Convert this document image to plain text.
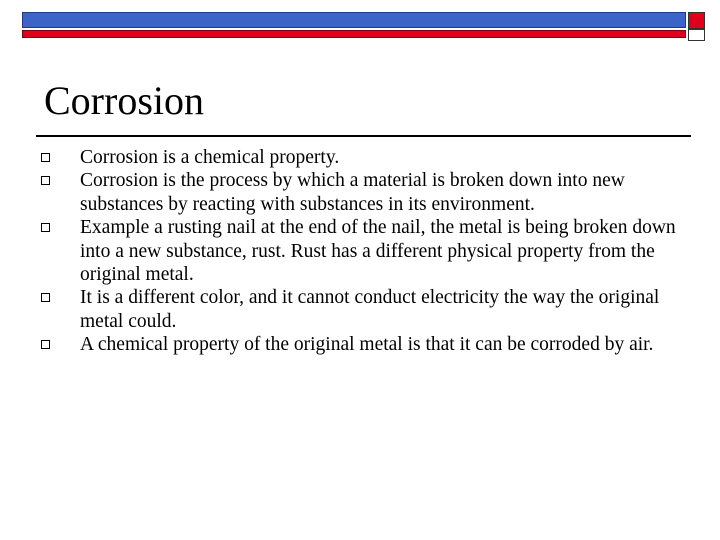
Corrosion
Corrosion is a chemical property.
Corrosion is the process by which a material is broken down into new substances by reacting with substances in its environment.
Example a rusting nail at the end of the nail, the metal is being broken down into a new substance, rust. Rust has a different physical property from the original metal.
It is a different color, and it cannot conduct electricity the way the original metal could.
A chemical property of the original metal is that it can be corroded by air.
